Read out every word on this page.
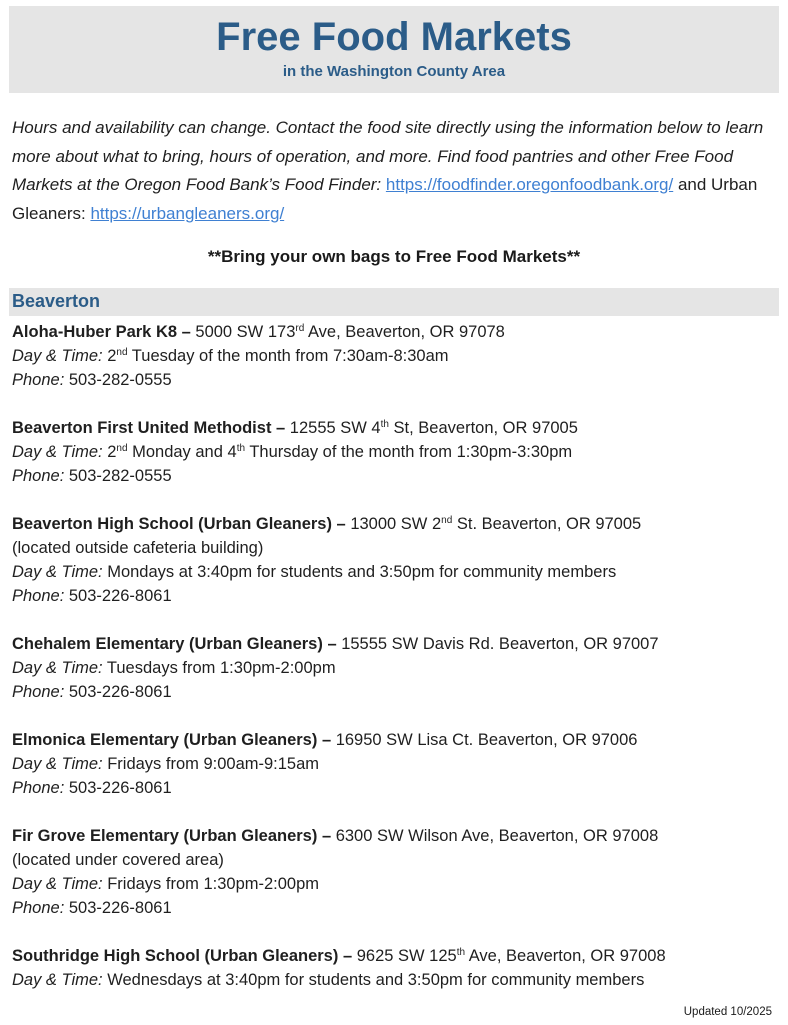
Free Food Markets
in the Washington County Area

Hours and availability can change. Contact the food site directly using the information below to learn more about what to bring, hours of operation, and more. Find food pantries and other Free Food Markets at the Oregon Food Bank’s Food Finder: https://foodfinder.oregonfoodbank.org/ and Urban Gleaners: https://urbangleaners.org/

**Bring your own bags to Free Food Markets**

Beaverton
Aloha-Huber Park K8 – 5000 SW 173rd Ave, Beaverton, OR 97078
Day & Time: 2nd Tuesday of the month from 7:30am-8:30am
Phone: 503-282-0555
Beaverton First United Methodist – 12555 SW 4th St, Beaverton, OR 97005
Day & Time: 2nd Monday and 4th Thursday of the month from 1:30pm-3:30pm
Phone: 503-282-0555
Beaverton High School (Urban Gleaners) – 13000 SW 2nd St. Beaverton, OR 97005
(located outside cafeteria building)
Day & Time: Mondays at 3:40pm for students and 3:50pm for community members
Phone: 503-226-8061
Chehalem Elementary (Urban Gleaners) – 15555 SW Davis Rd. Beaverton, OR 97007
Day & Time: Tuesdays from 1:30pm-2:00pm
Phone: 503-226-8061
Elmonica Elementary (Urban Gleaners) – 16950 SW Lisa Ct. Beaverton, OR 97006
Day & Time: Fridays from 9:00am-9:15am
Phone: 503-226-8061
Fir Grove Elementary (Urban Gleaners) – 6300 SW Wilson Ave, Beaverton, OR 97008
(located under covered area)
Day & Time: Fridays from 1:30pm-2:00pm
Phone: 503-226-8061
Southridge High School (Urban Gleaners) – 9625 SW 125th Ave, Beaverton, OR 97008
Day & Time: Wednesdays at 3:40pm for students and 3:50pm for community members
Updated 10/2025
